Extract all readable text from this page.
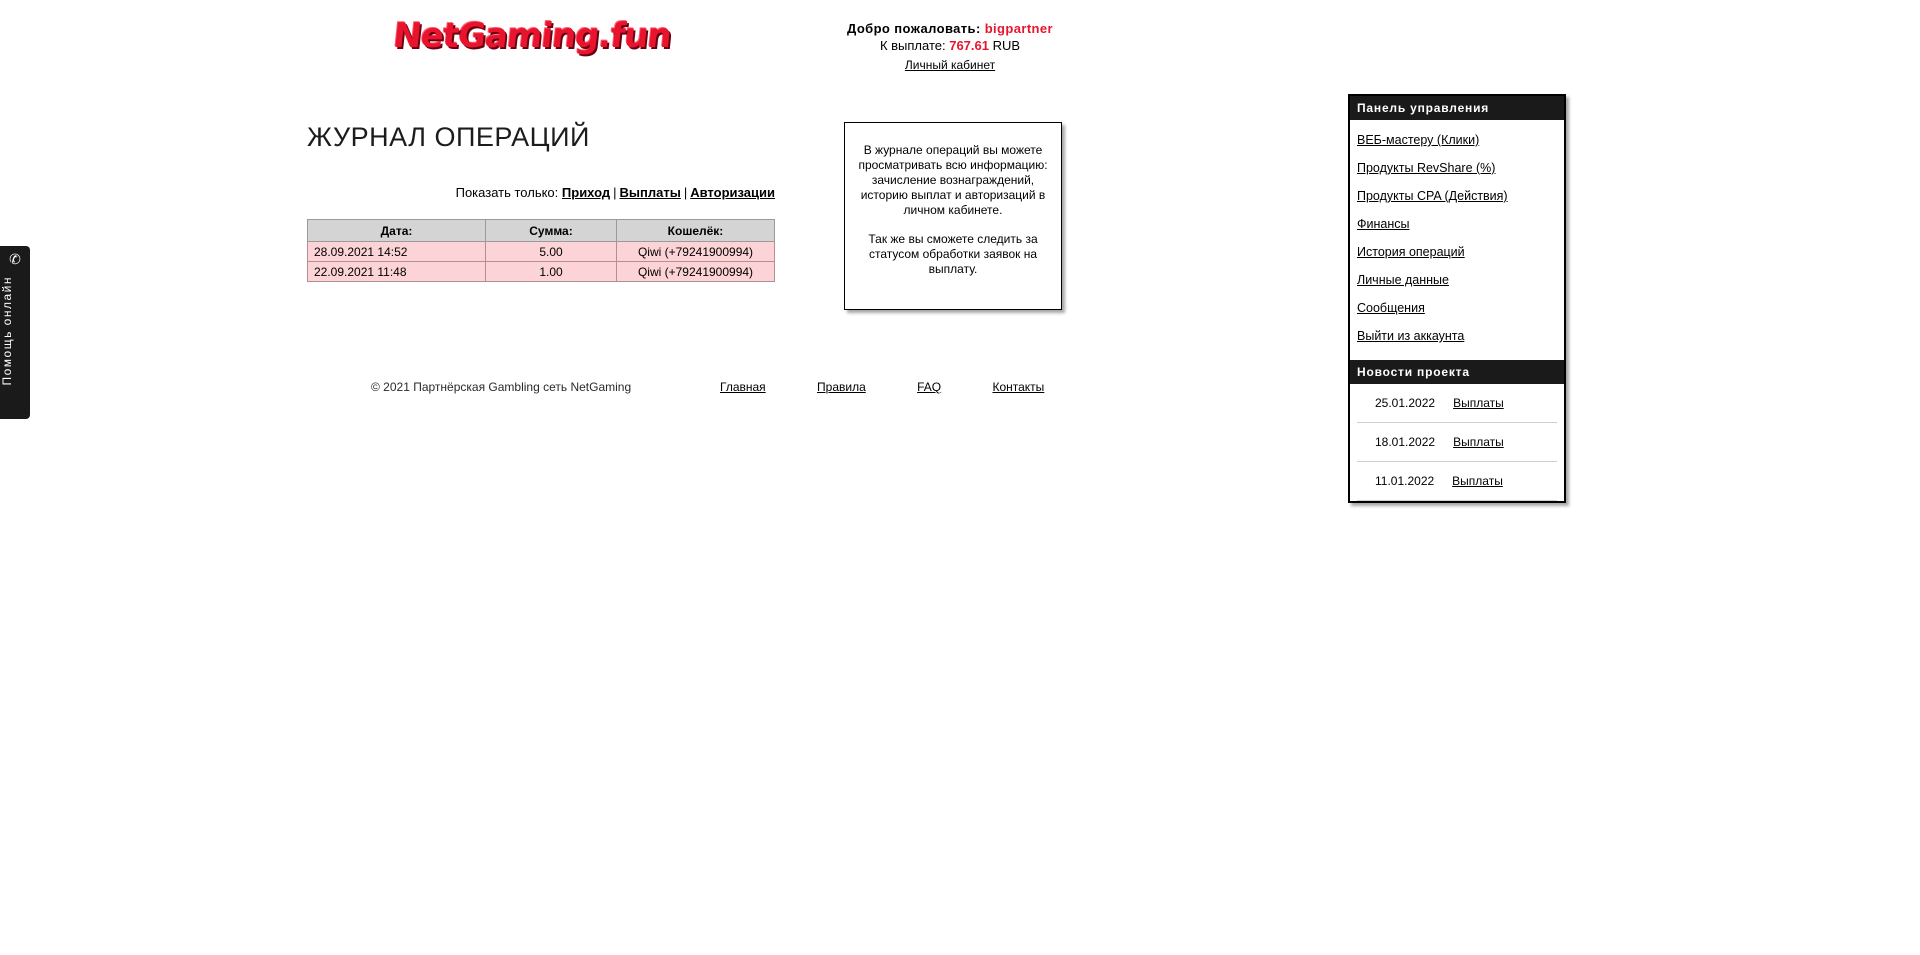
✆
Помощь онлайн
NetGaming.fun	Добро пожаловать: bigpartner
К выплате: 767.61 RUB
Личный кабинет
ЖУРНАЛ ОПЕРАЦИЙ
Показать только: Приход | Выплаты | Авторизации
Дата:	Сумма:	Кошелёк:
28.09.2021 14:52	5.00	Qiwi (+79241900994)
22.09.2021 11:48	1.00	Qiwi (+79241900994)

В журнале операций вы можете просматривать всю информацию: зачисление вознаграждений, историю выплат и авторизаций в личном кабинете.

Так же вы сможете следить за статусом обработки заявок на выплату.

© 2021 Партнёрская Gambling сеть NetGaming	Главная	Правила	FAQ	Контакты
Панель управления
ВЕБ-мастеру (Клики)
Продукты RevShare (%)
Продукты CPA (Действия)
Финансы
История операций
Личные данные
Сообщения
Выйти из аккаунта
Новости проекта
25.01.2022 Выплаты
18.01.2022 Выплаты
11.01.2022 Выплаты
